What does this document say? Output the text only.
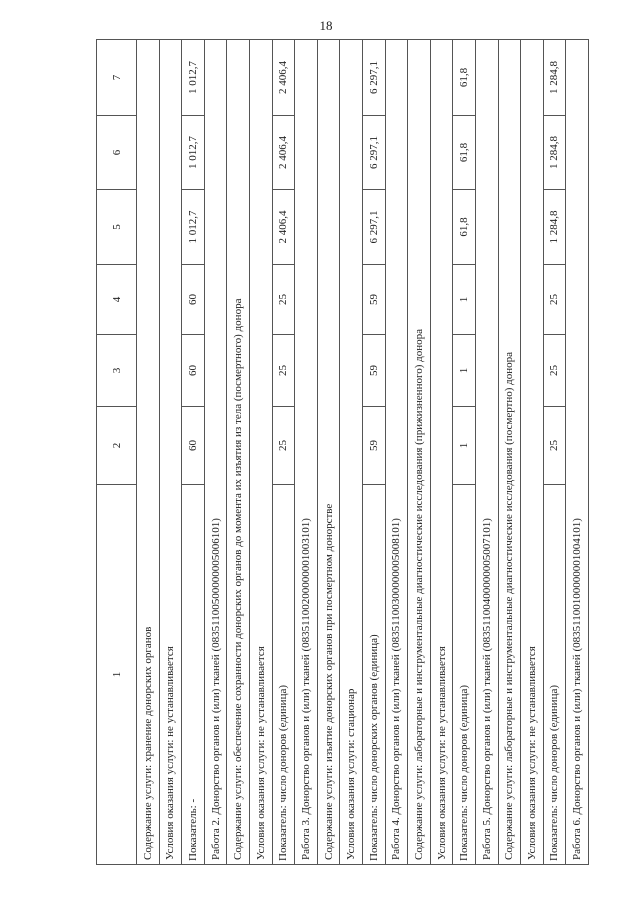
18
1	2	3	4	5	6	7
Содержание услуги: хранение донорских органов						
Условия оказания услуги: не устанавливается						
Показатель: -	60	60	60	1 012,7	1 012,7	1 012,7
Работа 2. Донорство органов и (или) тканей (08351100500000005006101)						
Содержание услуги: обеспечение сохранности донорских органов до момента их изъятия из тела (посмертного) донора						
Условия оказания услуги: не устанавливается						
Показатель: число доноров (единица)	25	25	25	2 406,4	2 406,4	2 406,4
Работа 3. Донорство органов и (или) тканей (08351100200000001003101)						
Содержание услуги: изъятие донорских органов при посмертном донорстве						
Условия оказания услуги: стационар						
Показатель: число донорских органов (единица)	59	59	59	6 297,1	6 297,1	6 297,1
Работа 4. Донорство органов и (или) тканей (08351100300000005008101)						
Содержание услуги: лабораторные и инструментальные диагностические исследования (прижизненного) донора						
Условия оказания услуги: не устанавливается						
Показатель: число доноров (единица)	1	1	1	61,8	61,8	61,8
Работа 5. Донорство органов и (или) тканей (08351100400000005007101)						
Содержание услуги: лабораторные и инструментальные диагностические исследования (посмертно) донора						
Условия оказания услуги: не устанавливается						
Показатель: число доноров (единица)	25	25	25	1 284,8	1 284,8	1 284,8
Работа 6. Донорство органов и (или) тканей (08351100100000001004101)						
